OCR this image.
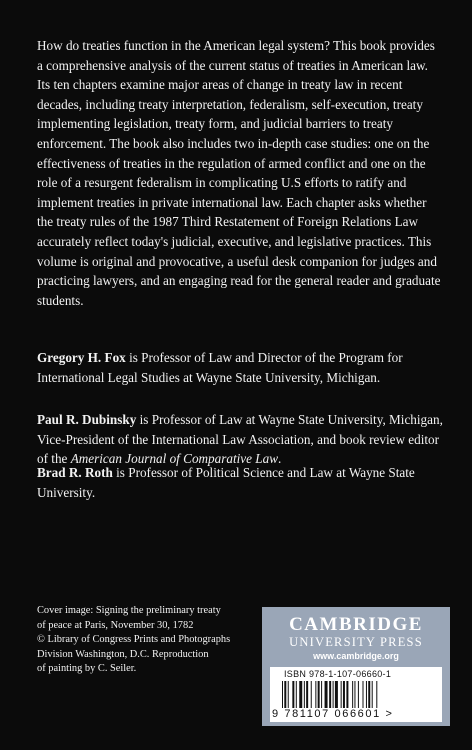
How do treaties function in the American legal system? This book provides a comprehensive analysis of the current status of treaties in American law. Its ten chapters examine major areas of change in treaty law in recent decades, including treaty interpretation, federalism, self-execution, treaty implementing legislation, treaty form, and judicial barriers to treaty enforcement. The book also includes two in-depth case studies: one on the effectiveness of treaties in the regulation of armed conflict and one on the role of a resurgent federalism in complicating U.S efforts to ratify and implement treaties in private international law. Each chapter asks whether the treaty rules of the 1987 Third Restatement of Foreign Relations Law accurately reflect today's judicial, executive, and legislative practices. This volume is original and provocative, a useful desk companion for judges and practicing lawyers, and an engaging read for the general reader and graduate students.

Gregory H. Fox is Professor of Law and Director of the Program for International Legal Studies at Wayne State University, Michigan.

Paul R. Dubinsky is Professor of Law at Wayne State University, Michigan, Vice-President of the International Law Association, and book review editor of the American Journal of Comparative Law.

Brad R. Roth is Professor of Political Science and Law at Wayne State University.

Cover image: Signing the preliminary treaty
of peace at Paris, November 30, 1782
© Library of Congress Prints and Photographs
Division Washington, D.C. Reproduction
of painting by C. Seiler.

CAMBRIDGE
UNIVERSITY PRESS
www.cambridge.org
ISBN 978-1-107-06660-1
9 781107 066601 >
